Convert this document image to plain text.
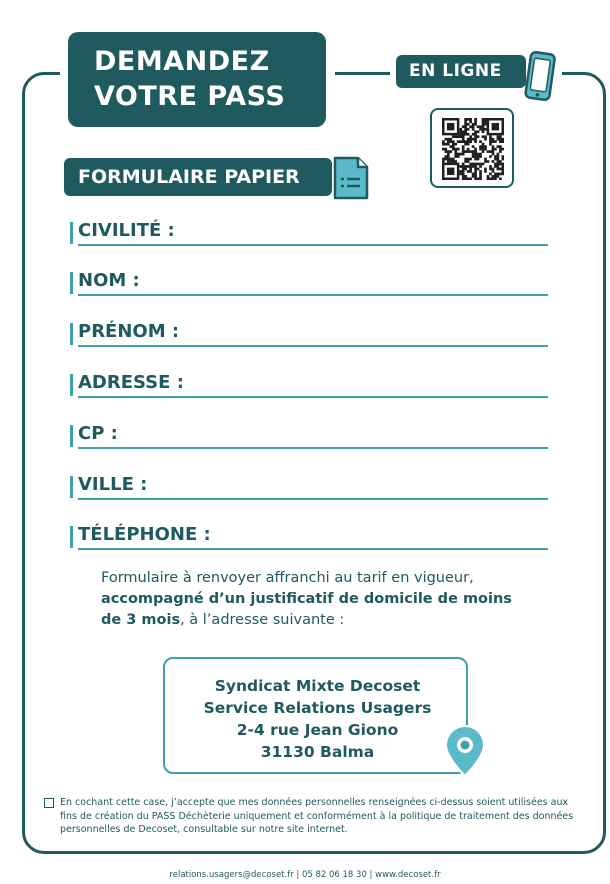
DEMANDEZ
VOTRE PASS
EN LIGNE
FORMULAIRE PAPIER
CIVILITÉ :
NOM :
PRÉNOM :
ADRESSE :
CP :
VILLE :
TÉLÉPHONE :
Formulaire à renvoyer affranchi au tarif en vigueur,
accompagné d’un justificatif de domicile de moins
de 3 mois, à l’adresse suivante :
Syndicat Mixte Decoset
Service Relations Usagers
2-4 rue Jean Giono
31130 Balma
En cochant cette case, j’accepte que mes données personnelles renseignées ci-dessus soient utilisées aux fins de création du PASS Déchèterie uniquement et conformément à la politique de traitement des données personnelles de Decoset, consultable sur notre site internet.
relations.usagers@decoset.fr | 05 82 06 18 30 | www.decoset.fr
